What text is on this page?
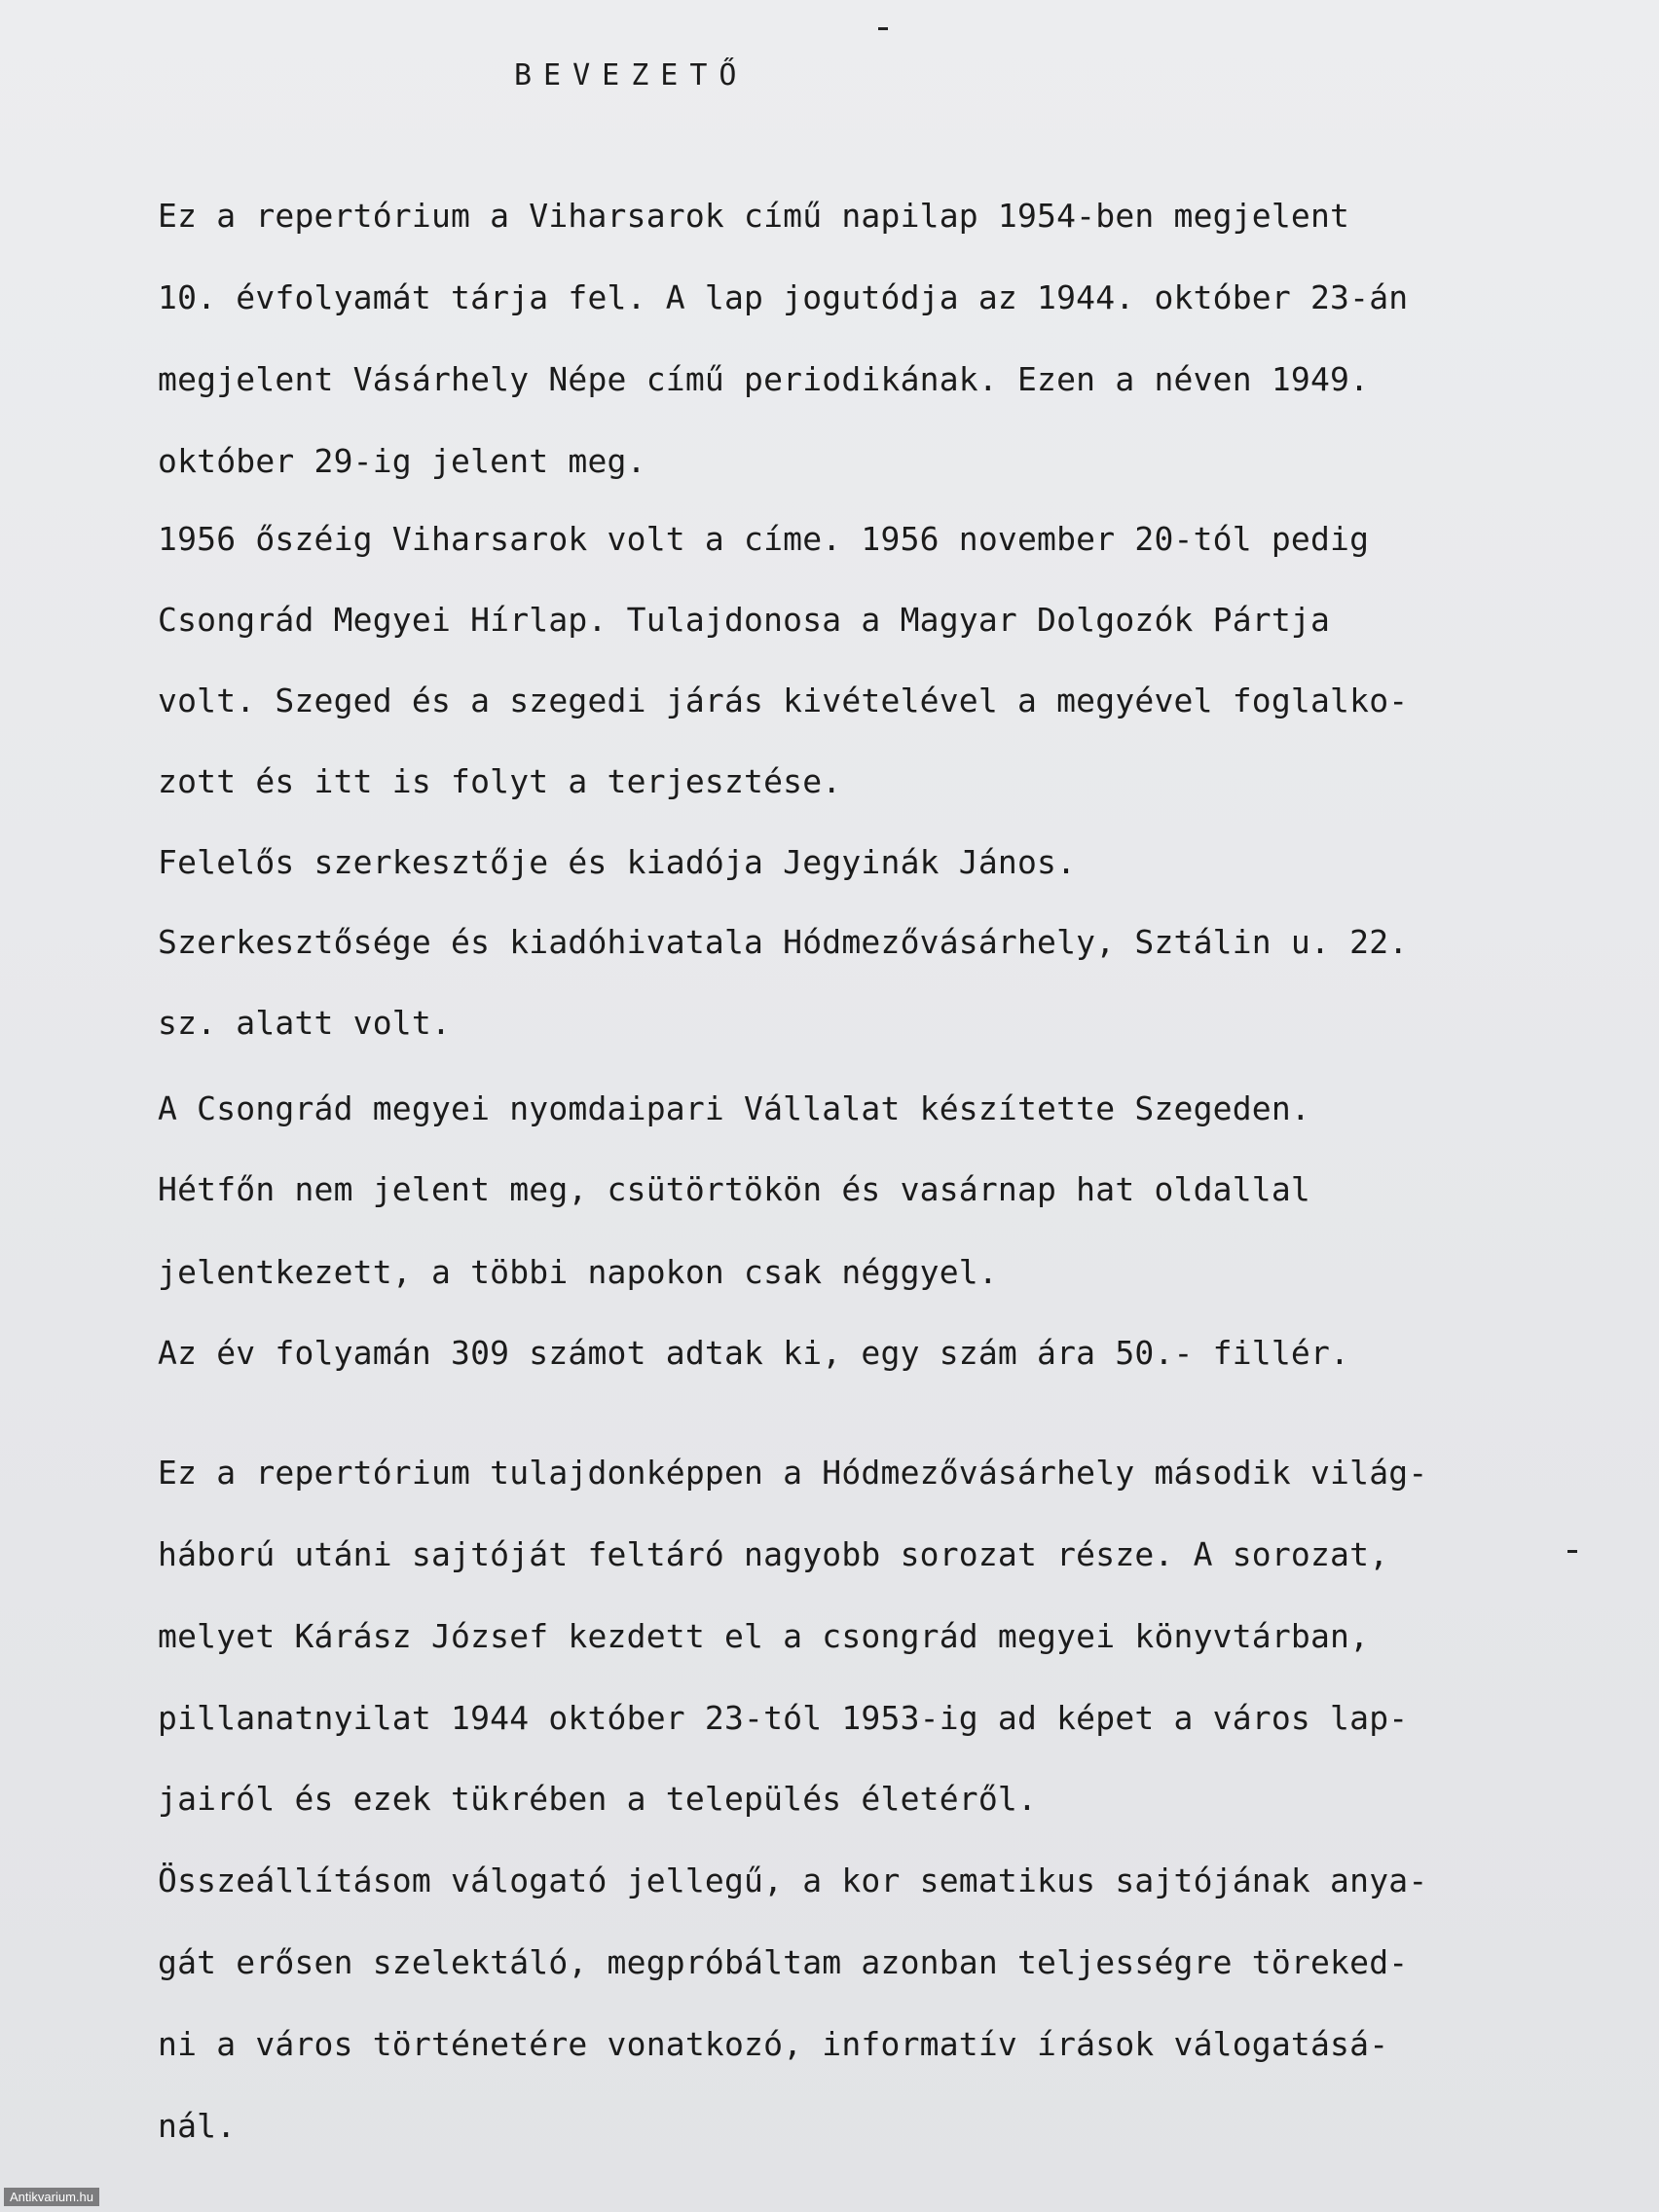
BEVEZETŐ
Ez a repertórium a Viharsarok című napilap 1954-ben megjelent
10. évfolyamát tárja fel. A lap jogutódja az 1944. október 23-án
megjelent Vásárhely Népe című periodikának. Ezen a néven 1949.
október 29-ig jelent meg.
1956 őszéig Viharsarok volt a címe. 1956 november 20-tól pedig
Csongrád Megyei Hírlap. Tulajdonosa a Magyar Dolgozók Pártja
volt. Szeged és a szegedi járás kivételével a megyével foglalko-
zott és itt is folyt a terjesztése.
Felelős szerkesztője és kiadója Jegyinák János.
Szerkesztősége és kiadóhivatala Hódmezővásárhely, Sztálin u. 22.
sz. alatt volt.
A Csongrád megyei nyomdaipari Vállalat készítette Szegeden.
Hétfőn nem jelent meg, csütörtökön és vasárnap hat oldallal
jelentkezett, a többi napokon csak néggyel.
Az év folyamán 309 számot adtak ki, egy szám ára 50.- fillér.
Ez a repertórium tulajdonképpen a Hódmezővásárhely második világ-
háború utáni sajtóját feltáró nagyobb sorozat része. A sorozat,
melyet Kárász József kezdett el a csongrád megyei könyvtárban,
pillanatnyilat 1944 október 23-tól 1953-ig ad képet a város lap-
jairól és ezek tükrében a település életéről.
Összeállításom válogató jellegű, a kor sematikus sajtójának anya-
gát erősen szelektáló, megpróbáltam azonban teljességre töreked-
ni a város történetére vonatkozó, informatív írások válogatásá-
nál.
Antikvarium.hu
